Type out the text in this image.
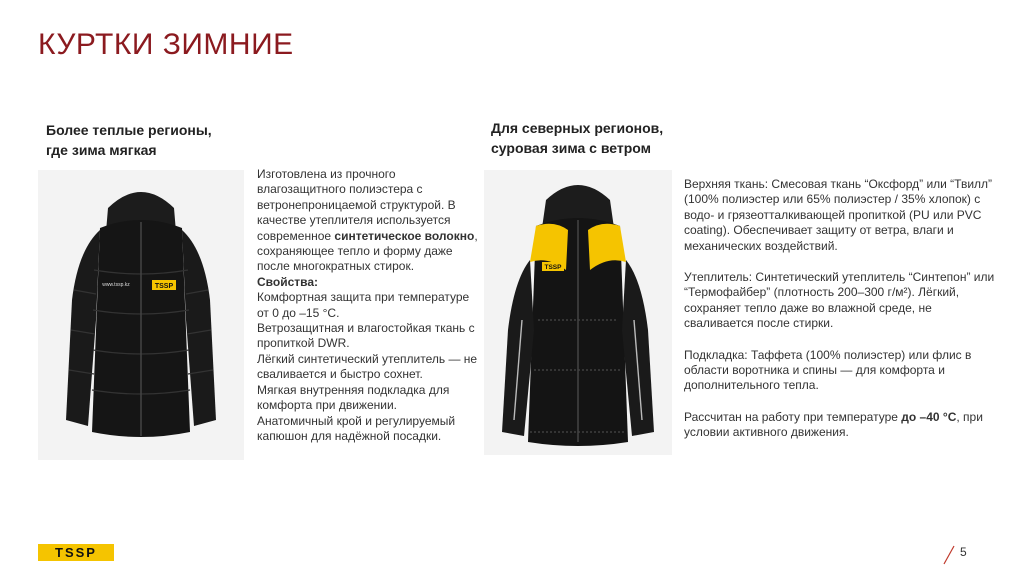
КУРТКИ ЗИМНИЕ
Более теплые регионы,
где зима мягкая
TSSP
www.tssp.kz

Изготовлена из прочного влагозащитного полиэстера с ветронепроницаемой структурой. В качестве утеплителя используется современное синтетическое волокно, сохраняющее тепло и форму даже после многократных стирок.

Свойства:

Комфортная защита при температуре от 0 до –15 °C.

Ветрозащитная и влагостойкая ткань с пропиткой DWR.

Лёгкий синтетический утеплитель — не сваливается и быстро сохнет.

Мягкая внутренняя подкладка для комфорта при движении.

Анатомичный крой и регулируемый капюшон для надёжной посадки.

Для северных регионов,
суровая зима с ветром
TSSP

Верхняя ткань: Смесовая ткань “Оксфорд” или “Твилл” (100% полиэстер или 65% полиэстер / 35% хлопок) с водо- и грязеотталкивающей пропиткой (PU или PVC coating). Обеспечивает защиту от ветра, влаги и механических воздействий.

Утеплитель: Синтетический утеплитель “Синтепон” или “Термофайбер” (плотность 200–300 г/м²). Лёгкий, сохраняет тепло даже во влажной среде, не сваливается после стирки.

Подкладка: Таффета (100% полиэстер) или флис в области воротника и спины — для комфорта и дополнительного тепла.

Рассчитан на работу при температуре до –40 °C, при условии активного движения.

TSSP	5
